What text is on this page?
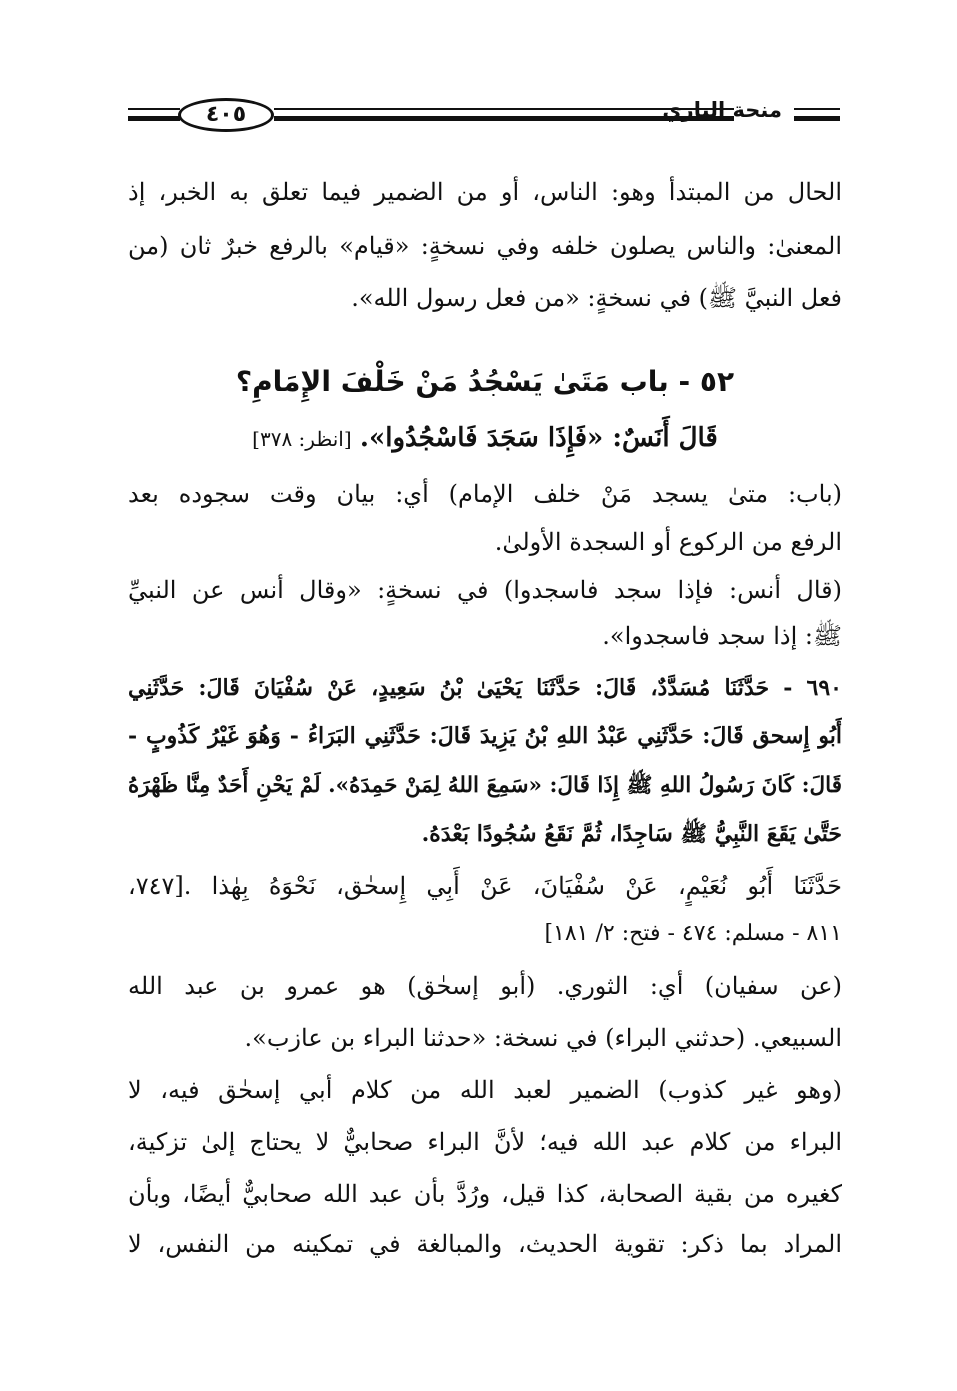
٤٠٥	منحة الباري
الحال من المبتدأ وهو: الناس، أو من الضمير فيما تعلق به الخبر، إذ
المعنىٰ: والناس يصلون خلفه وفي نسخةٍ: «قيام» بالرفع خبرٌ ثان (من
فعل النبيَّ ﷺ) في نسخةٍ: «من فعل رسول الله».
٥٢ - باب مَتَىٰ يَسْجُدُ مَنْ خَلْفَ الإِمَامِ؟
قَالَ أَنَسٌ: «فَإِذَا سَجَدَ فَاسْجُدُوا». [انظر: ٣٧٨]
(باب: متىٰ يسجد مَنْ خلف الإمام) أي: بيان وقت سجوده بعد
الرفع من الركوع أو السجدة الأولىٰ.
(قال أنس: فإذا سجد فاسجدوا) في نسخةٍ: «وقال أنس عن النبيِّ
ﷺ: إذا سجد فاسجدوا».
٦٩٠ - حَدَّثَنَا مُسَدَّدٌ، قَالَ: حَدَّثَنَا يَحْيَىٰ بْنُ سَعِيدٍ، عَنْ سُفْيَانَ قَالَ: حَدَّثَنِي
أَبُو إِسحق قَالَ: حَدَّثَنِي عَبْدُ اللهِ بْنُ يَزِيدَ قَالَ: حَدَّثَنِي البَرَاءُ - وَهُوَ غَيْرُ كَذُوبٍ -
قَالَ: كَانَ رَسُولُ اللهِ ﷺ إِذَا قَالَ: «سَمِعَ اللهُ لِمَنْ حَمِدَهُ». لَمْ يَحْنِ أَحَدٌ مِنَّا ظَهْرَهُ
حَتَّىٰ يَقَعَ النَّبِيُّ ﷺ سَاجِدًا، ثُمَّ نَقَعُ سُجُودًا بَعْدَهُ.
حَدَّثَنَا أَبُو نُعَيْمٍ، عَنْ سُفْيَانَ، عَنْ أَبِي إِسحٰق، نَحْوَهُ بِهٰذا .[٧٤٧،
٨١١ - مسلم: ٤٧٤ - فتح: ٢/ ١٨١]
(عن سفيان) أي: الثوري. (أبو إسحٰق) هو عمرو بن عبد الله
السبيعي. (حدثني البراء) في نسخة: «حدثنا البراء بن عازب».
(وهو غير كذوب) الضمير لعبد الله من كلام أبي إسحٰق فيه، لا
البراء من كلام عبد الله فيه؛ لأنَّ البراء صحابيٌّ لا يحتاج إلىٰ تزكية،
كغيره من بقية الصحابة، كذا قيل، ورُدَّ بأن عبد الله صحابيٌّ أيضًا، وبأن
المراد بما ذكر: تقوية الحديث، والمبالغة في تمكينه من النفس، لا
